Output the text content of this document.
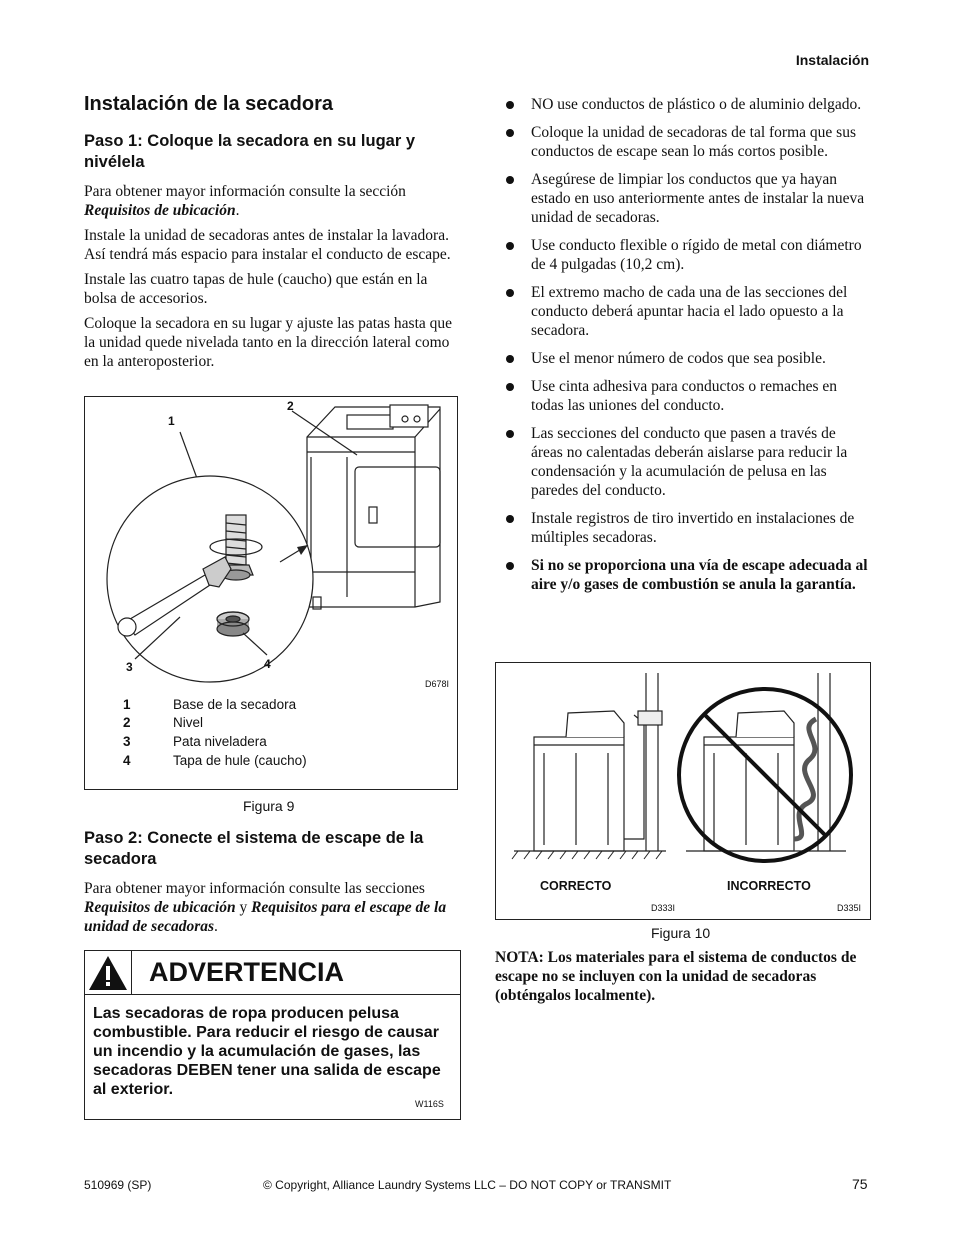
Instalación
Instalación de la secadora
Paso 1: Coloque la secadora en su lugar y nivélela

Para obtener mayor información consulte la sección Requisitos de ubicación.

Instale la unidad de secadoras antes de instalar la lavadora. Así tendrá más espacio para instalar el conducto de escape.

Instale las cuatro tapas de hule (caucho) que están en la bolsa de accesorios.

Coloque la secadora en su lugar y ajuste las patas hasta que la unidad quede nivelada tanto en la dirección lateral como en la anteroposterior.

1
2
3	4
D678I
1	Base de la secadora
2	Nivel
3	Pata niveladera
4	Tapa de hule (caucho)
Figura 9
Paso 2: Conecte el sistema de escape de la secadora

Para obtener mayor información consulte las secciones Requisitos de ubicación y Requisitos para el escape de la unidad de secadoras.

ADVERTENCIA
Las secadoras de ropa producen pelusa combustible. Para reducir el riesgo de causar un incendio y la acumulación de gases, las secadoras DEBEN tener una salida de escape al exterior.
W116S
NO use conductos de plástico o de aluminio delgado.
Coloque la unidad de secadoras de tal forma que sus conductos de escape sean lo más cortos posible.
Asegúrese de limpiar los conductos que ya hayan estado en uso anteriormente antes de instalar la nueva unidad de secadoras.
Use conducto flexible o rígido de metal con diámetro de 4 pulgadas (10,2 cm).
El extremo macho de cada una de las secciones del conducto deberá apuntar hacia el lado opuesto a la secadora.
Use el menor número de codos que sea posible.
Use cinta adhesiva para conductos o remaches en todas las uniones del conducto.
Las secciones del conducto que pasen a través de áreas no calentadas deberán aislarse para reducir la condensación y la acumulación de pelusa en las paredes del conducto.
Instale registros de tiro invertido en instalaciones de múltiples secadoras.
Si no se proporciona una vía de escape adecuada al aire y/o gases de combustión se anula la garantía.
CORRECTO	INCORRECTO
D333I	D335I
Figura 10
NOTA: Los materiales para el sistema de conductos de escape no se incluyen con la unidad de secadoras (obténgalos localmente).
510969 (SP)	© Copyright, Alliance Laundry Systems LLC – DO NOT COPY or TRANSMIT	75
